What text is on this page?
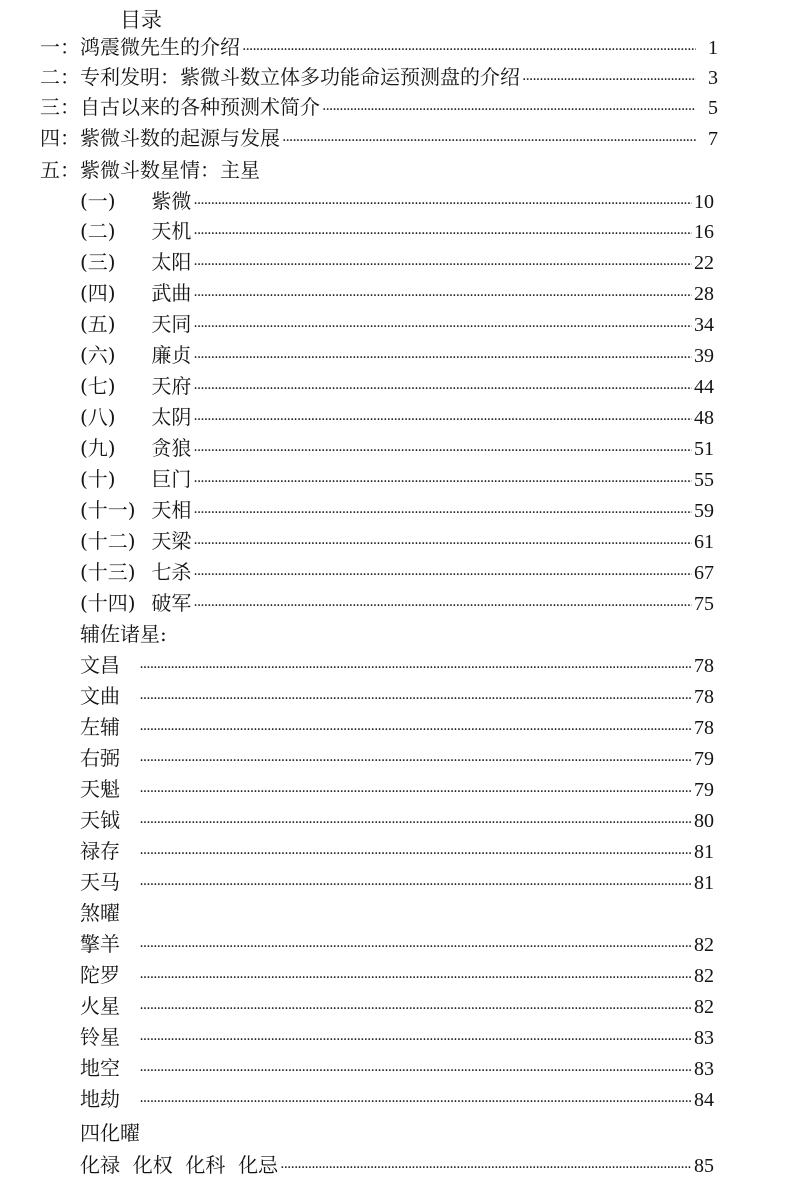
目录
一：鸿震微先生的介绍 ·····	1
二：专利发明：紫微斗数立体多功能命运预测盘的介绍 ·····	3
三：自古以来的各种预测术简介 ·····	5
四：紫微斗数的起源与发展 ·····	7
五：紫微斗数星情：主星
(一)	紫微 ·····	10
(二)	天机 ·····	16
(三)	太阳 ·····	22
(四)	武曲 ·····	28
(五)	天同 ·····	34
(六)	廉贞 ·····	39
(七)	天府 ·····	44
(八)	太阴 ·····	48
(九)	贪狼 ·····	51
(十)	巨门 ·····	55
(十一) 天相 ·····	59
(十二) 天梁 ·····	61
(十三) 七杀 ·····	67
(十四) 破军 ·····	75
辅佐诸星:
文昌 ·····	78
文曲 ·····	78
左辅 ·····	78
右弼 ·····	79
天魁 ·····	79
天钺 ·····	80
禄存 ·····	81
天马 ·····	81
煞曜
擎羊 ·····	82
陀罗 ·····	82
火星 ·····	82
铃星 ·····	83
地空 ·····	83
地劫 ·····	84
四化曜
化禄  化权  化科  化忌 ·····	85
